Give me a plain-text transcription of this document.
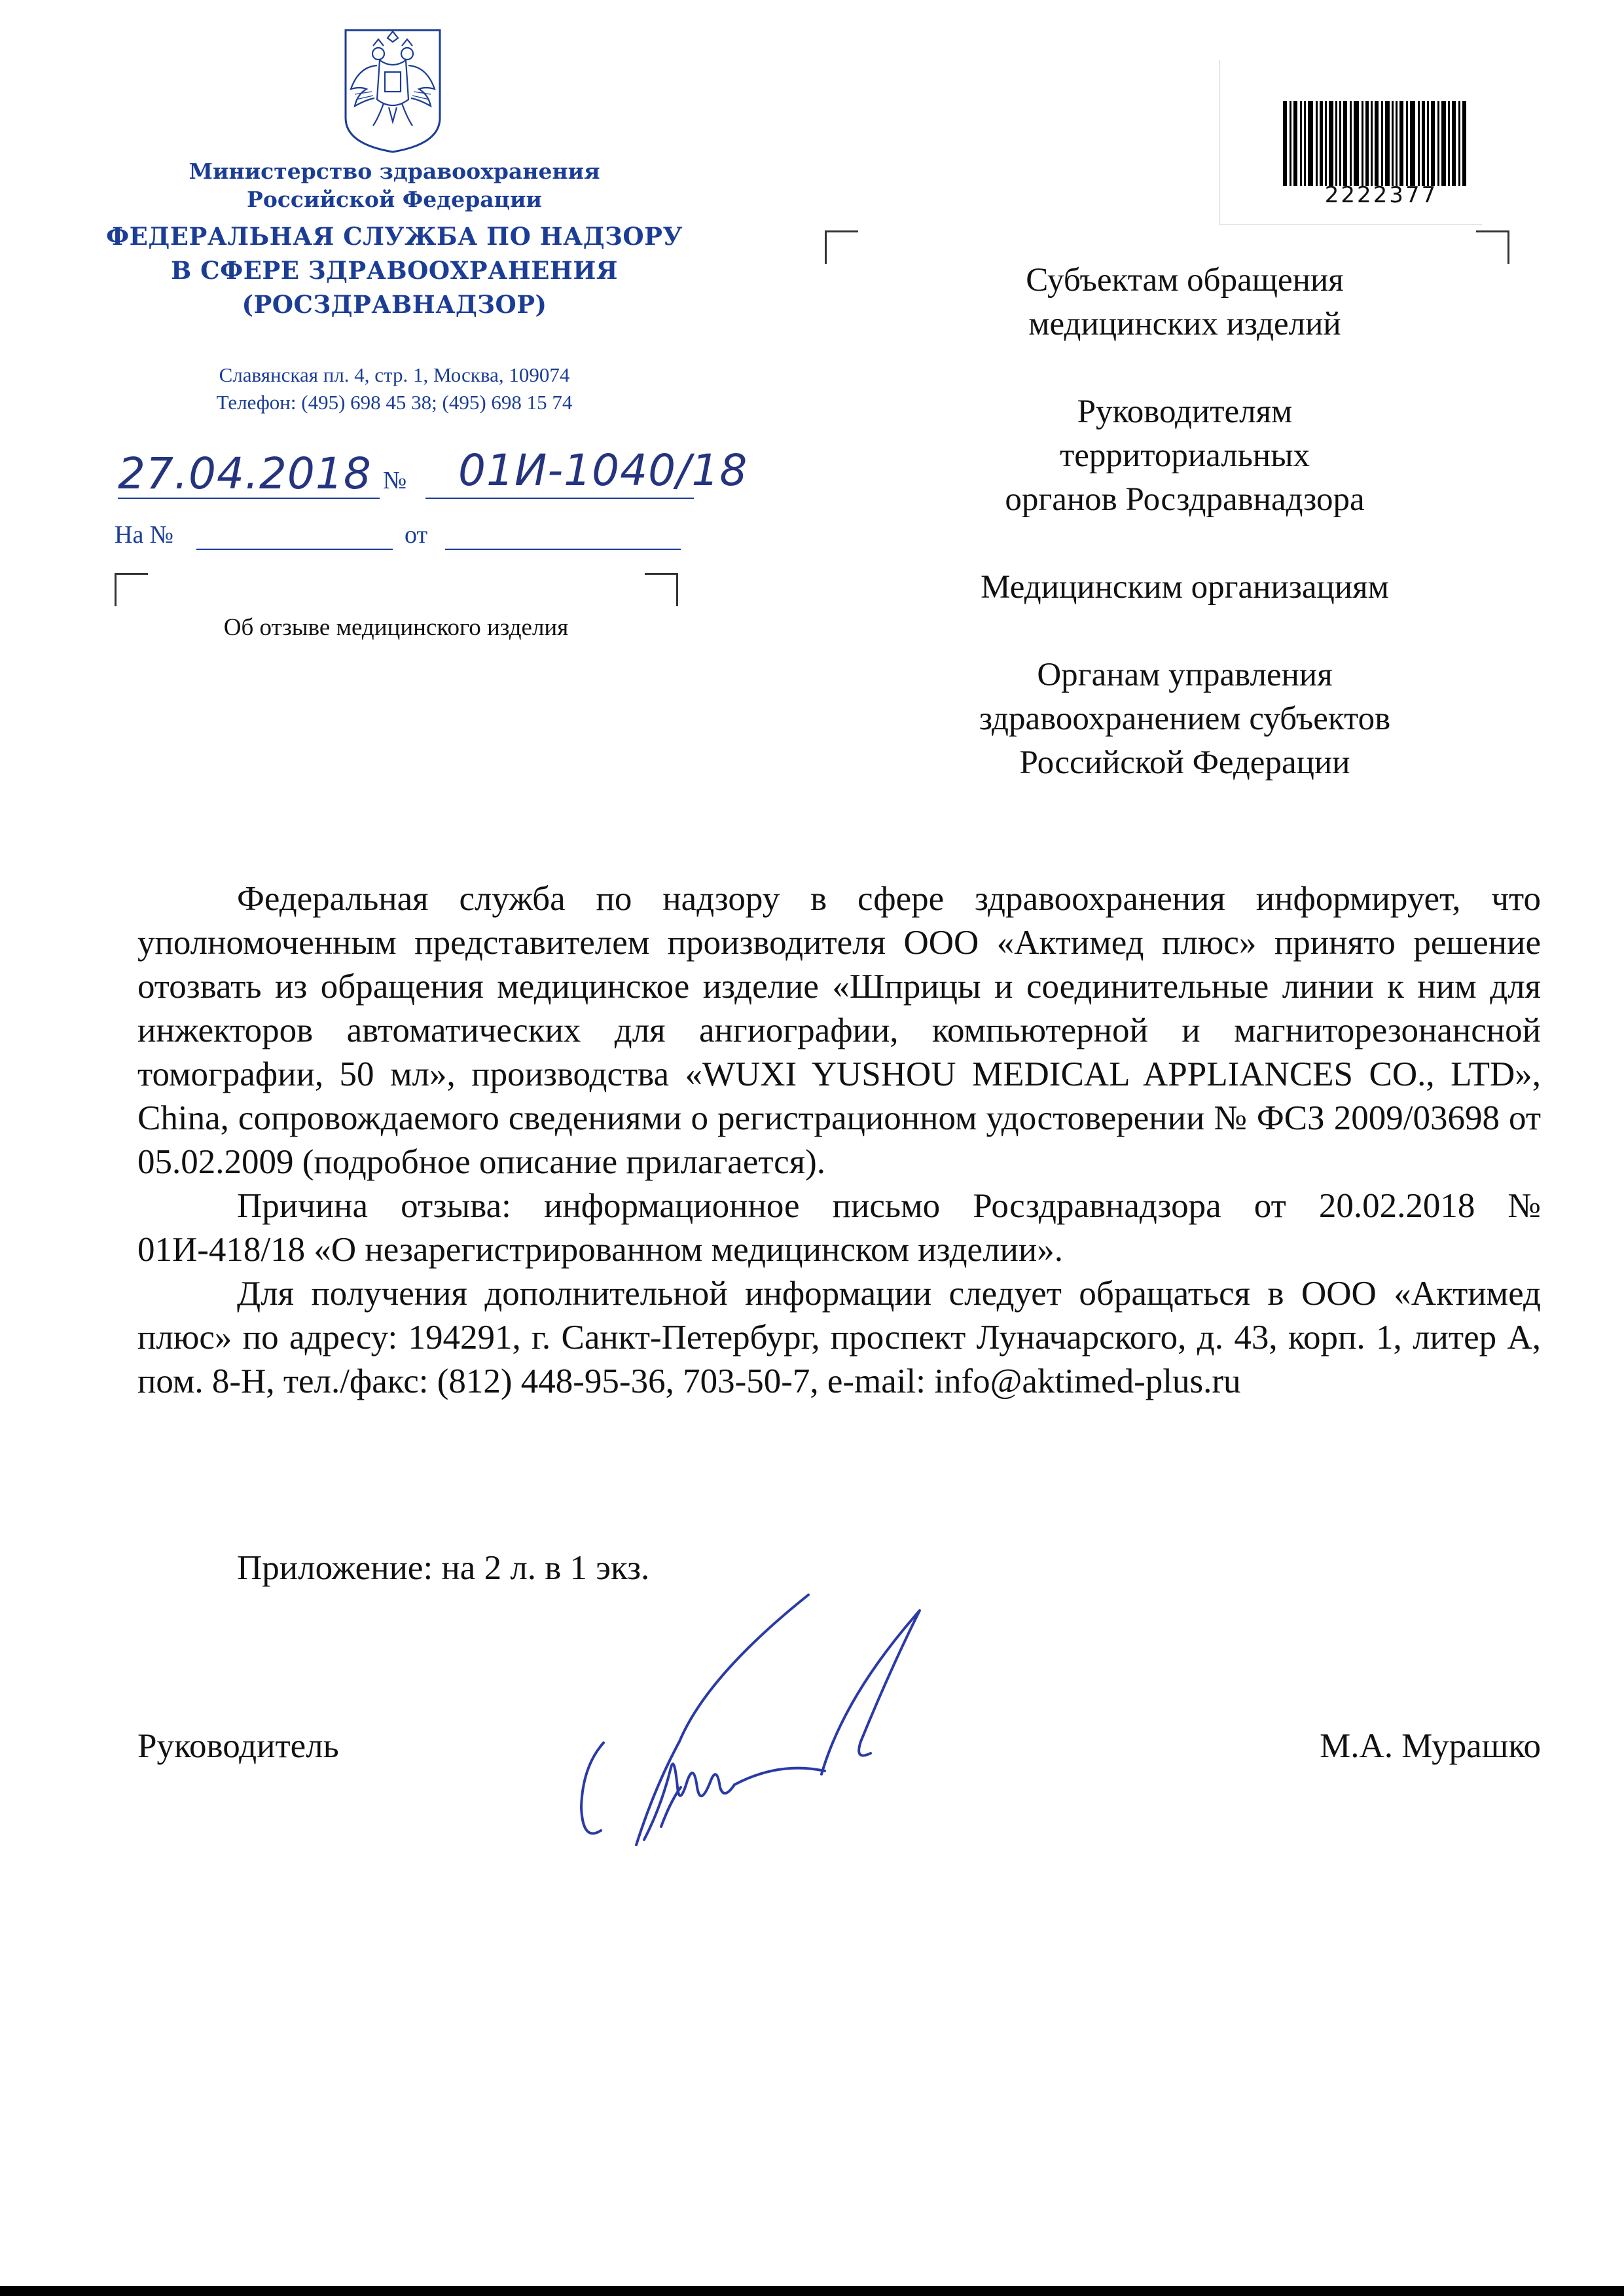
Министерство здравоохранения
Российской Федерации
ФЕДЕРАЛЬНАЯ СЛУЖБА ПО НАДЗОРУ
В СФЕРЕ ЗДРАВООХРАНЕНИЯ
(РОСЗДРАВНАДЗОР)
Славянская пл. 4, стр. 1, Москва, 109074
Телефон: (495) 698 45 38; (495) 698 15 74
27.04.2018 № 01И-1040/18
На №	от
Об отзыве медицинского изделия
2222377

Субъектам обращения
медицинских изделий

Руководителям
территориальных
органов Росздравнадзора

Медицинским организациям

Органам управления
здравоохранением субъектов
Российской Федерации

Федеральная служба по надзору в сфере здравоохранения информирует, что уполномоченным представителем производителя ООО «Актимед плюс» принято решение отозвать из обращения медицинское изделие «Шприцы и соединительные линии к ним для инжекторов автоматических для ангиографии, компьютерной и магниторезонансной томографии, 50 мл», производства «WUXI YUSHOU MEDICAL APPLIANCES CO., LTD», China, сопровождаемого сведениями о регистрационном удостоверении № ФСЗ 2009/03698 от 05.02.2009 (подробное описание прилагается).

Причина отзыва: информационное письмо Росздравнадзора от 20.02.2018 № 01И-418/18 «О незарегистрированном медицинском изделии».

Для получения дополнительной информации следует обращаться в ООО «Актимед плюс» по адресу: 194291, г. Санкт-Петербург, проспект Луначарского, д. 43, корп. 1, литер А, пом. 8-Н, тел./факс: (812) 448-95-36, 703-50-7, e-mail: info@aktimed-plus.ru

Приложение: на 2 л. в 1 экз.
Руководитель	М.А. Мурашко
